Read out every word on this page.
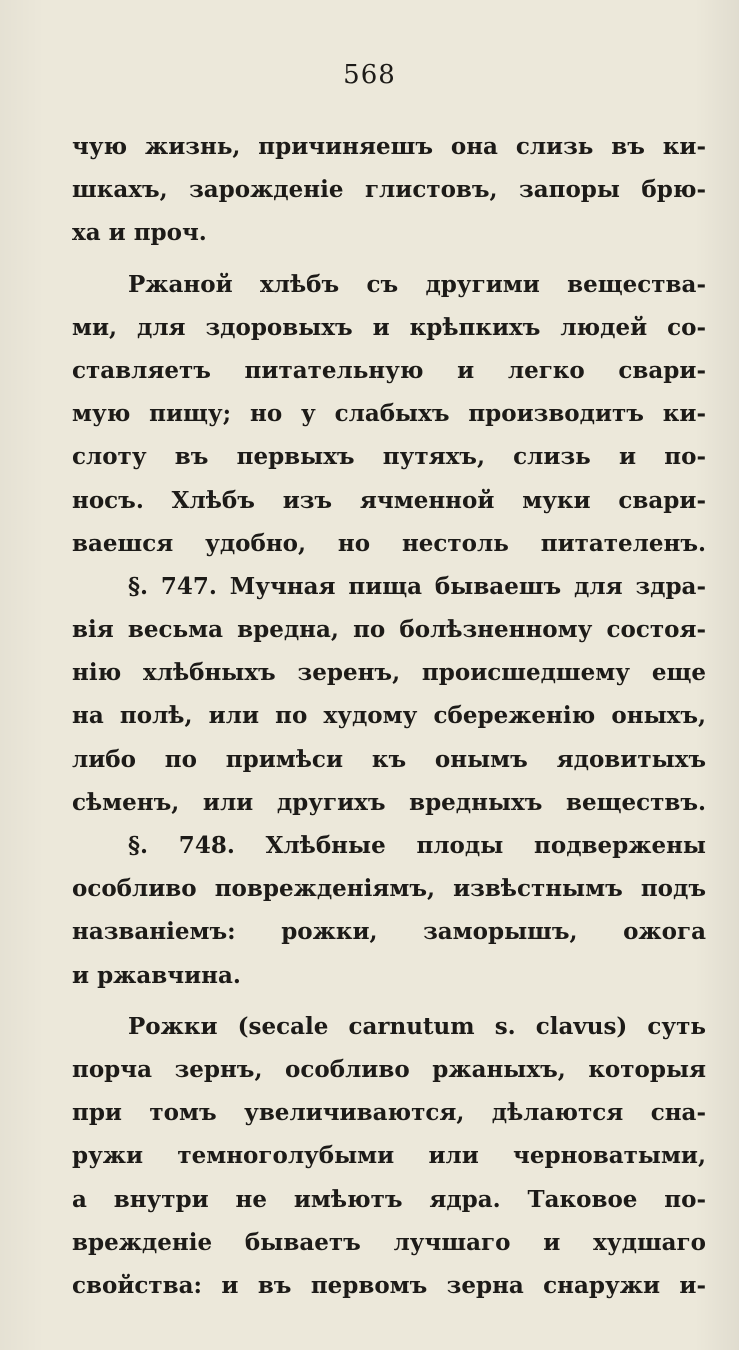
568
чую жизнь, причиняешъ она слизь въ ки-
шкахъ, зарожденіе глистовъ, запоры брю-
ха и проч.
Ржаной хлѣбъ съ другими веществa-
ми, для здоровыхъ и крѣпкихъ людей со-
ставляетъ питательную и легко свари-
мую пищу; но у слабыхъ производитъ ки-
слоту въ первыхъ путяхъ, слизь и по-
носъ. Хлѣбъ изъ ячменной муки свари-
ваешся удобно, но нестоль питателенъ.
§. 747. Мучная пища бываешъ для здра-
вія весьма вредна, по болѣзненному состоя-
нію хлѣбныхъ зеренъ, происшедшему еще
на полѣ, или по худому сбереженію оныхъ,
либо по примѣси къ онымъ ядовитыхъ
сѣменъ, или другихъ вредныхъ веществъ.
§. 748. Хлѣбные плоды подвержены
особливо поврежденіямъ, извѣстнымъ подъ
названіемъ: рожки, заморышъ, ожога
и ржавчина.
Рожки (secale carnutum s. clavus) суть
порча зернъ, особливо ржаныхъ, которыя
при томъ увеличиваются, дѣлаются сна-
ружи темноголубыми или черноватыми,
а внутри не имѣютъ ядра. Таковое по-
врежденіе бываетъ лучшаго и худшаго
свойства: и въ первомъ зерна снаружи и-
